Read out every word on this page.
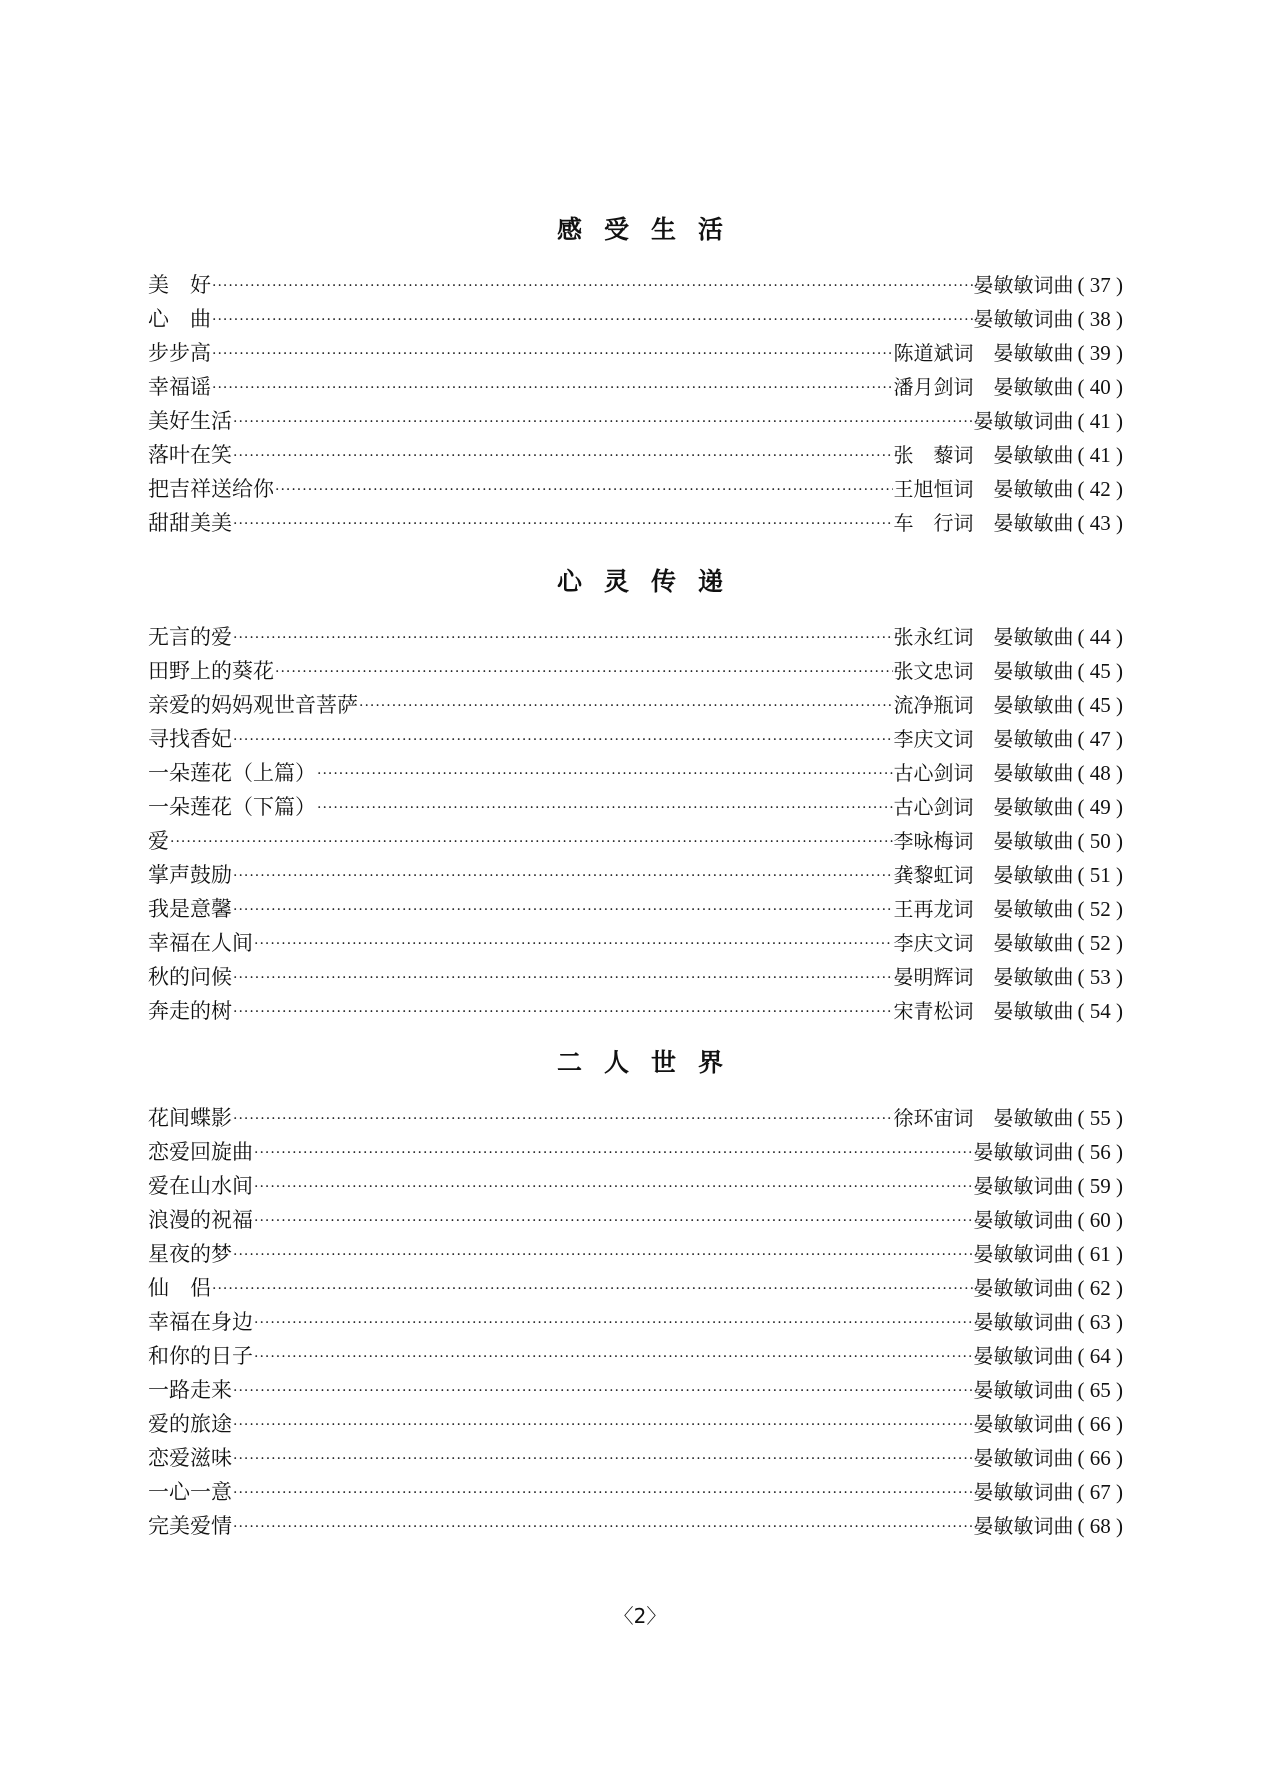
感受生活
美　好 ·····	晏敏敏词曲 ( 37 )
心　曲 ·····	晏敏敏词曲 ( 38 )
步步高 ·····	陈道斌词　晏敏敏曲 ( 39 )
幸福谣 ·····	潘月剑词　晏敏敏曲 ( 40 )
美好生活 ·····	晏敏敏词曲 ( 41 )
落叶在笑 ·····	张　藜词　晏敏敏曲 ( 41 )
把吉祥送给你 ·····	王旭恒词　晏敏敏曲 ( 42 )
甜甜美美 ·····	车　行词　晏敏敏曲 ( 43 )
心灵传递
无言的爱 ·····	张永红词　晏敏敏曲 ( 44 )
田野上的葵花 ·····	张文忠词　晏敏敏曲 ( 45 )
亲爱的妈妈观世音菩萨 ·····	流净瓶词　晏敏敏曲 ( 45 )
寻找香妃 ·····	李庆文词　晏敏敏曲 ( 47 )
一朵莲花（上篇） ·····	古心剑词　晏敏敏曲 ( 48 )
一朵莲花（下篇） ·····	古心剑词　晏敏敏曲 ( 49 )
爱 ·····	李咏梅词　晏敏敏曲 ( 50 )
掌声鼓励 ·····	龚黎虹词　晏敏敏曲 ( 51 )
我是意馨 ·····	王再龙词　晏敏敏曲 ( 52 )
幸福在人间 ·····	李庆文词　晏敏敏曲 ( 52 )
秋的问候 ·····	晏明辉词　晏敏敏曲 ( 53 )
奔走的树 ·····	宋青松词　晏敏敏曲 ( 54 )
二人世界
花间蝶影 ·····	徐环宙词　晏敏敏曲 ( 55 )
恋爱回旋曲 ·····	晏敏敏词曲 ( 56 )
爱在山水间 ·····	晏敏敏词曲 ( 59 )
浪漫的祝福 ·····	晏敏敏词曲 ( 60 )
星夜的梦 ·····	晏敏敏词曲 ( 61 )
仙　侣 ·····	晏敏敏词曲 ( 62 )
幸福在身边 ·····	晏敏敏词曲 ( 63 )
和你的日子 ·····	晏敏敏词曲 ( 64 )
一路走来 ·····	晏敏敏词曲 ( 65 )
爱的旅途 ·····	晏敏敏词曲 ( 66 )
恋爱滋味 ·····	晏敏敏词曲 ( 66 )
一心一意 ·····	晏敏敏词曲 ( 67 )
完美爱情 ·····	晏敏敏词曲 ( 68 )
〈2〉
